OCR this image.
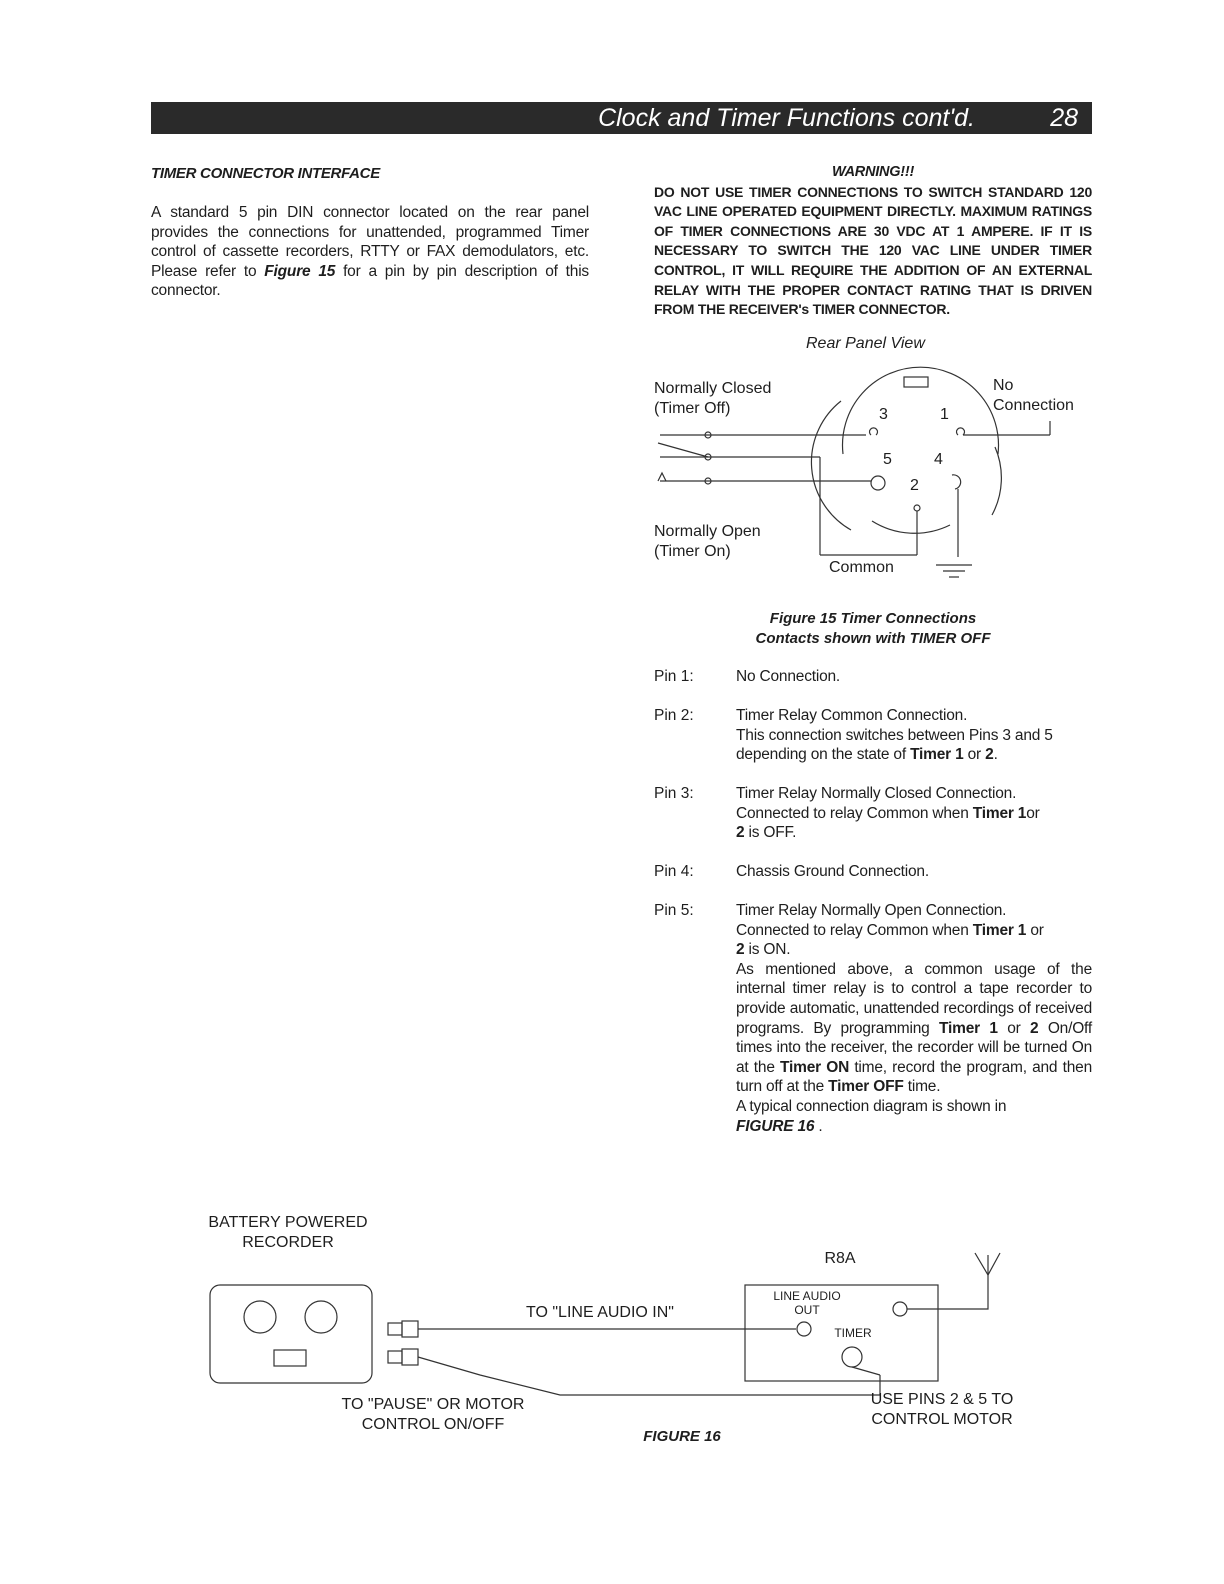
Clock and Timer Functions cont'd.	28
TIMER CONNECTOR INTERFACE
A standard 5 pin DIN connector located on the rear panel provides the connections for unattended, programmed Timer control of cassette recorders, RTTY or FAX demodulators, etc. Please refer to Figure 15 for a pin by pin description of this connector.
WARNING!!!
DO NOT USE TIMER CONNECTIONS TO SWITCH STANDARD 120 VAC LINE OPERATED EQUIPMENT DIRECTLY. MAXIMUM RATINGS OF TIMER CONNECTIONS ARE 30 VDC AT 1 AMPERE. IF IT IS NECESSARY TO SWITCH THE 120 VAC LINE UNDER TIMER CONTROL, IT WILL REQUIRE THE ADDITION OF AN EXTERNAL RELAY WITH THE PROPER CONTACT RATING THAT IS DRIVEN FROM THE RECEIVER's TIMER CONNECTOR.
Rear Panel View
Normally Closed
(Timer Off)
No
Connection
Normally Open
(Timer On)
Common
3	1
5	4
2
Figure 15 Timer Connections
Contacts shown with TIMER OFF
Pin 1:	No Connection.
Pin 2:	Timer Relay Common Connection.
This connection switches between Pins 3 and 5 depending on the state of Timer 1 or 2.
Pin 3:	Timer Relay Normally Closed Connection.
Connected to relay Common when Timer 1or
2 is OFF.
Pin 4:	Chassis Ground Connection.
Pin 5:	Timer Relay Normally Open Connection.
Connected to relay Common when Timer 1 or
2 is ON.
As mentioned above, a common usage of the internal timer relay is to control a tape recorder to provide automatic, unattended recordings of received programs. By programming Timer 1 or 2 On/Off times into the receiver, the recorder will be turned On at the Timer ON time, record the program, and then turn off at the Timer OFF time.
A typical connection diagram is shown in
FIGURE 16 .
BATTERY POWERED
RECORDER
TO "LINE AUDIO IN"
R8A
LINE AUDIO
OUT
TIMER
TO "PAUSE" OR MOTOR
CONTROL ON/OFF
USE PINS 2 & 5 TO
CONTROL MOTOR
FIGURE 16
